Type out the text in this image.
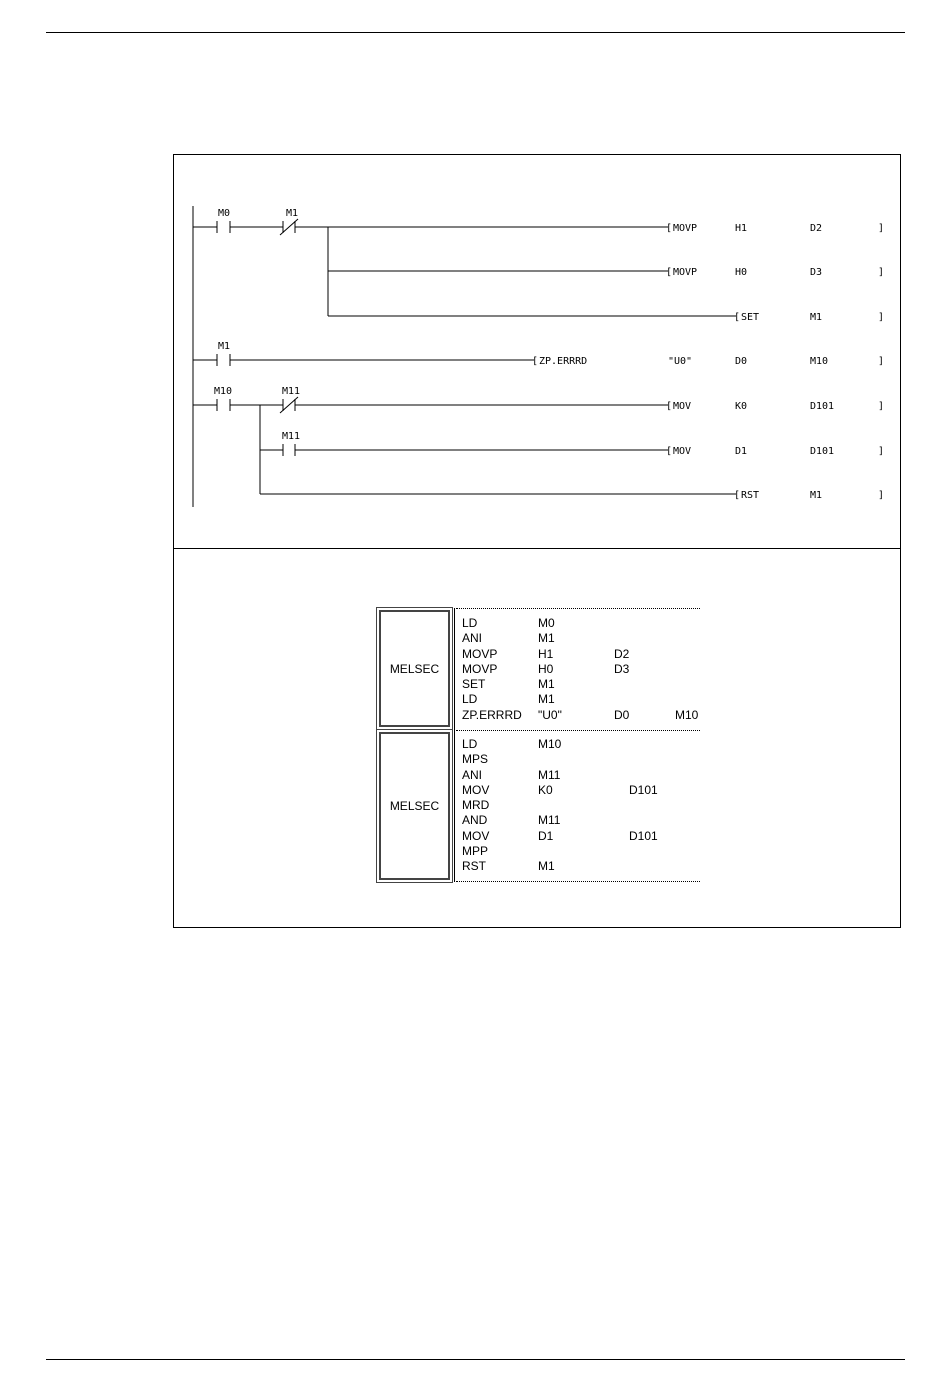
M0	M1
[ MOVP	H1	D2	]
[ MOVP	H0	D3	]
[ SET	M1	]
M1
[ ZP.ERRRD	"U0"	D0	M10	]
M10	M11
M11
[ MOV	K0	D101	]
[ MOV	D1	D101	]
[ RST	M1	]
MELSEC
LD	M0
ANI	M1
MOVP	H1	D2
MOVP	H0	D3
SET	M1
LD	M1
ZP.ERRRD "U0"	D0	M10
MELSEC
LD	M10
MPS
ANI	M11
MOV	K0	D101
MRD
AND	M11
MOV	D1	D101
MPP
RST	M1
